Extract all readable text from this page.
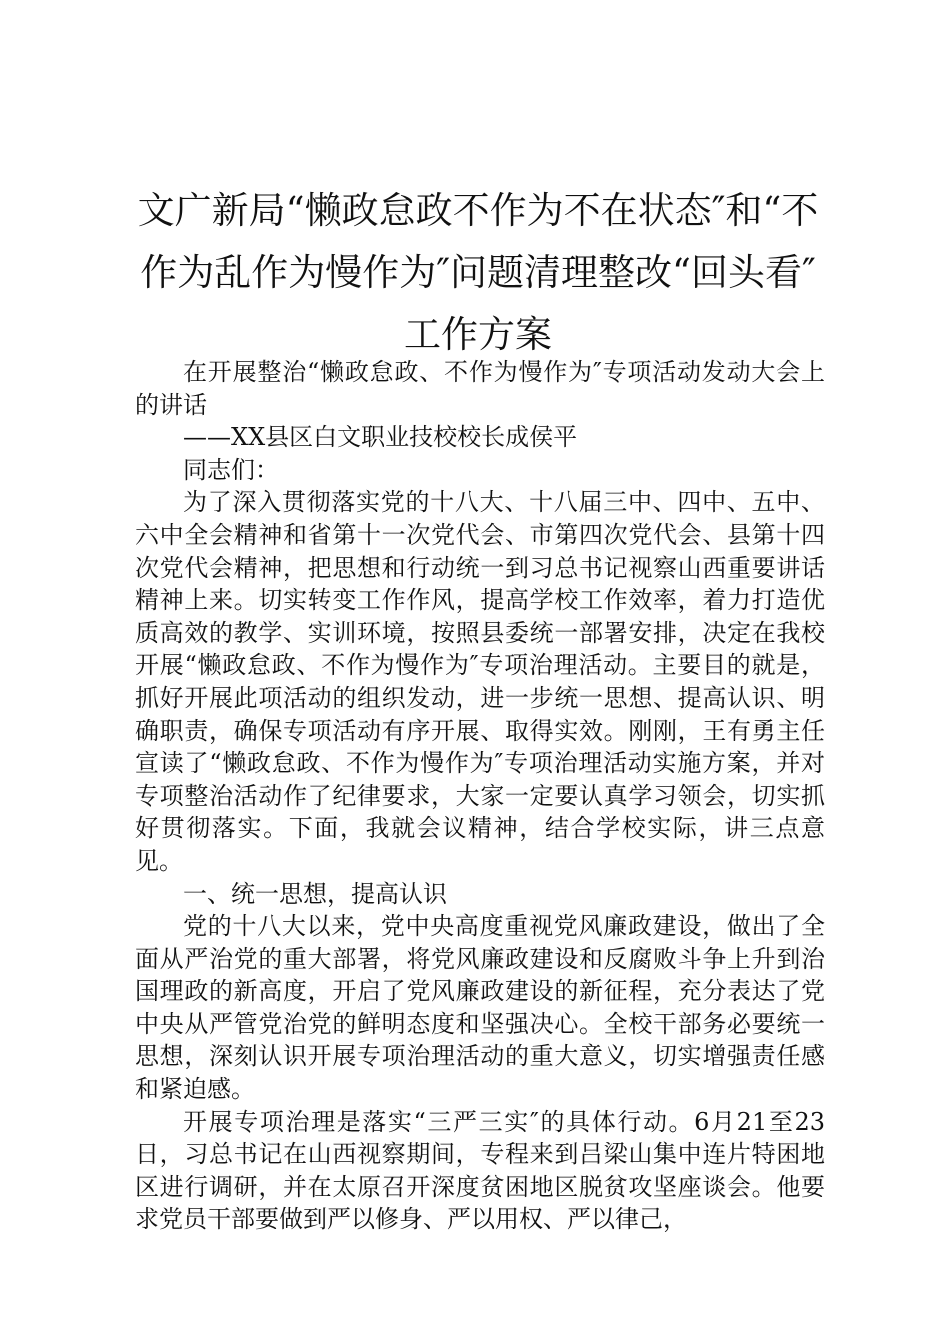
文广新局“懒政怠政不作为不在状态″和“不
作为乱作为慢作为″问题清理整改“回头看″
工作方案

在开展整治“懒政怠政、不作为慢作为″专项活动发动大会上的讲话

——XX县区白文职业技校校长成侯平

同志们：

为了深入贯彻落实党的十八大、十八届三中、四中、五中、六中全会精神和省第十一次党代会、市第四次党代会、县第十四次党代会精神，把思想和行动统一到习总书记视察山西重要讲话精神上来。切实转变工作作风，提高学校工作效率，着力打造优质高效的教学、实训环境，按照县委统一部署安排，决定在我校开展“懒政怠政、不作为慢作为″专项治理活动。主要目的就是，抓好开展此项活动的组织发动，进一步统一思想、提高认识、明确职责，确保专项活动有序开展、取得实效。刚刚，王有勇主任宣读了“懒政怠政、不作为慢作为″专项治理活动实施方案，并对专项整治活动作了纪律要求，大家一定要认真学习领会，切实抓好贯彻落实。下面，我就会议精神，结合学校实际，讲三点意见。

一、统一思想，提高认识

党的十八大以来，党中央高度重视党风廉政建设，做出了全面从严治党的重大部署，将党风廉政建设和反腐败斗争上升到治国理政的新高度，开启了党风廉政建设的新征程，充分表达了党中央从严管党治党的鲜明态度和坚强决心。全校干部务必要统一思想，深刻认识开展专项治理活动的重大意义，切实增强责任感和紧迫感。

开展专项治理是落实“三严三实″的具体行动。6月21至23日，习总书记在山西视察期间，专程来到吕梁山集中连片特困地区进行调研，并在太原召开深度贫困地区脱贫攻坚座谈会。他要求党员干部要做到严以修身、严以用权、严以律己，
